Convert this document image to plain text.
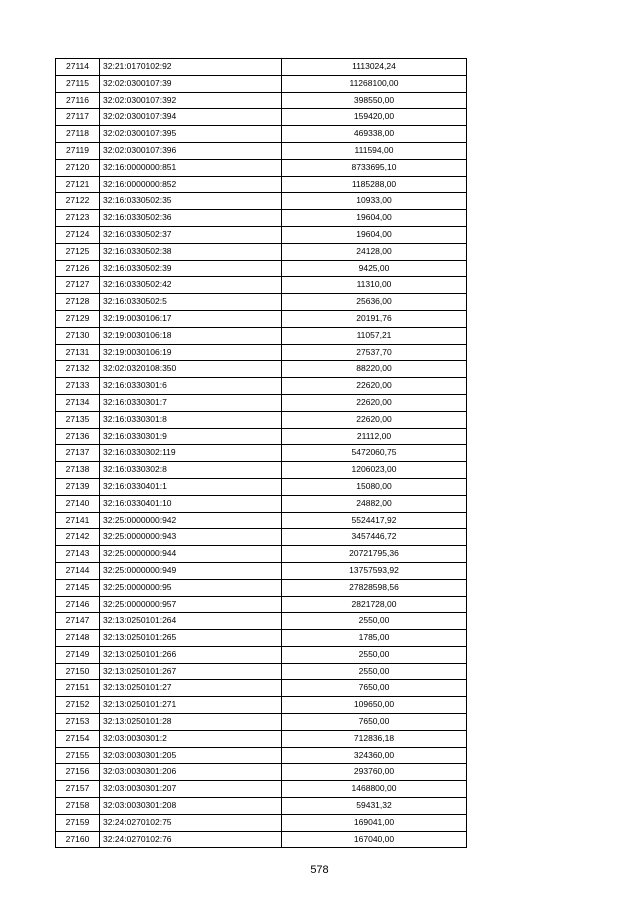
27114	32:21:0170102:92	1113024,24
27115	32:02:0300107:39	11268100,00
27116	32:02:0300107:392	398550,00
27117	32:02:0300107:394	159420,00
27118	32:02:0300107:395	469338,00
27119	32:02:0300107:396	111594,00
27120	32:16:0000000:851	8733695,10
27121	32:16:0000000:852	1185288,00
27122	32:16:0330502:35	10933,00
27123	32:16:0330502:36	19604,00
27124	32:16:0330502:37	19604,00
27125	32:16:0330502:38	24128,00
27126	32:16:0330502:39	9425,00
27127	32:16:0330502:42	11310,00
27128	32:16:0330502:5	25636,00
27129	32:19:0030106:17	20191,76
27130	32:19:0030106:18	11057,21
27131	32:19:0030106:19	27537,70
27132	32:02:0320108:350	88220,00
27133	32:16:0330301:6	22620,00
27134	32:16:0330301:7	22620,00
27135	32:16:0330301:8	22620,00
27136	32:16:0330301:9	21112,00
27137	32:16:0330302:119	5472060,75
27138	32:16:0330302:8	1206023,00
27139	32:16:0330401:1	15080,00
27140	32:16:0330401:10	24882,00
27141	32:25:0000000:942	5524417,92
27142	32:25:0000000:943	3457446,72
27143	32:25:0000000:944	20721795,36
27144	32:25:0000000:949	13757593,92
27145	32:25:0000000:95	27828598,56
27146	32:25:0000000:957	2821728,00
27147	32:13:0250101:264	2550,00
27148	32:13:0250101:265	1785,00
27149	32:13:0250101:266	2550,00
27150	32:13:0250101:267	2550,00
27151	32:13:0250101:27	7650,00
27152	32:13:0250101:271	109650,00
27153	32:13:0250101:28	7650,00
27154	32:03:0030301:2	712836,18
27155	32:03:0030301:205	324360,00
27156	32:03:0030301:206	293760,00
27157	32:03:0030301:207	1468800,00
27158	32:03:0030301:208	59431,32
27159	32:24:0270102:75	169041,00
27160	32:24:0270102:76	167040,00
578
